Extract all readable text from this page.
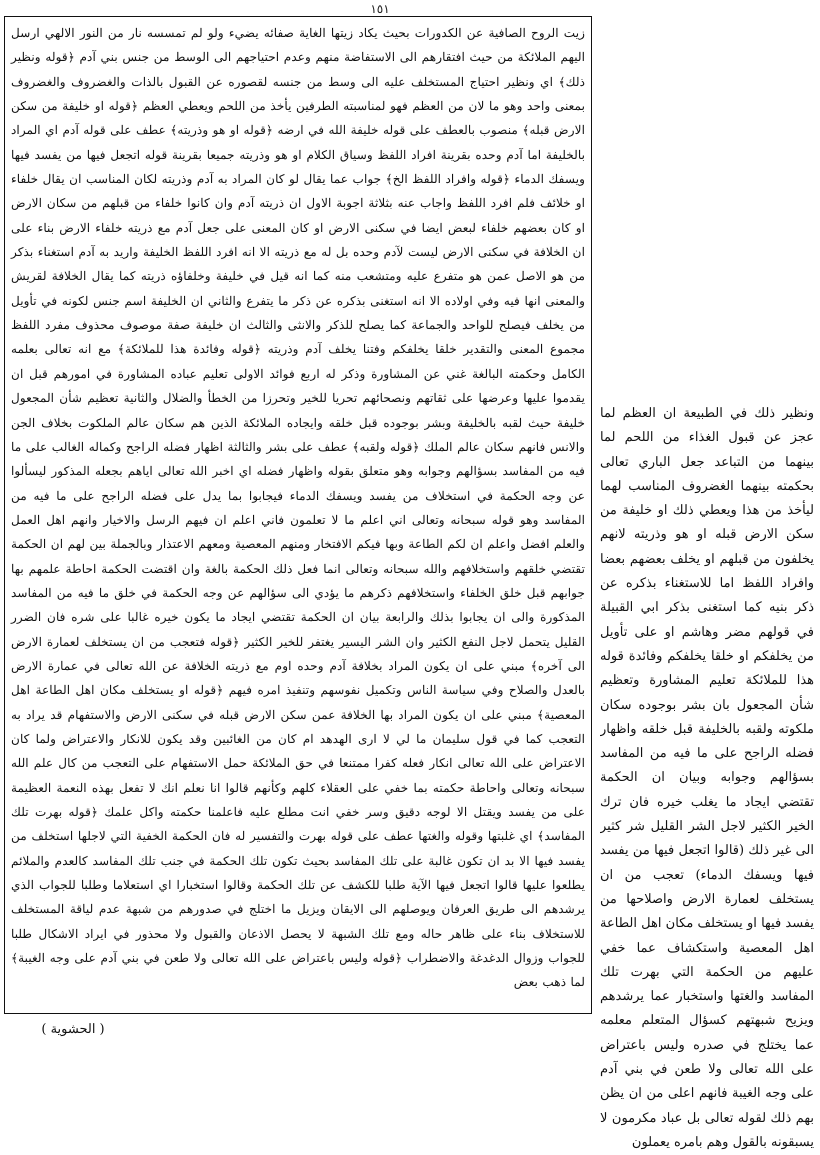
١٥١

زيت الروح الصافية عن الكدورات بحيث يكاد زيتها الغاية صفائه يضيء ولو لم تمسسه نار من النور الالهي ارسل اليهم الملائكة من حيث افتقارهم الى الاستفاضة منهم وعدم احتياجهم الى الوسط من جنس بني آدم ﴿قوله ونظير ذلك﴾ اي ونظير احتياج المستخلف عليه الى وسط من جنسه لقصوره عن القبول بالذات والغضروف والغضروف بمعنى واحد وهو ما لان من العظم فهو لمناسبته الطرفين يأخذ من اللحم ويعطي العظم ﴿قوله او خليفة من سكن الارض قبله﴾ منصوب بالعطف على قوله خليفة الله في ارضه ﴿قوله او هو وذريته﴾ عطف على قوله آدم اي المراد بالخليفة اما آدم وحده بقرينة افراد اللفظ وسياق الكلام او هو وذريته جميعا بقرينة قوله اتجعل فيها من يفسد فيها ويسفك الدماء ﴿قوله وافراد اللفظ الخ﴾ جواب عما يقال لو كان المراد به آدم وذريته لكان المناسب ان يقال خلفاء او خلائف فلم افرد اللفظ واجاب عنه بثلاثة اجوبة الاول ان ذريته آدم وان كانوا خلفاء من قبلهم من سكان الارض او كان بعضهم خلفاء لبعض ايضا في سكنى الارض او كان المعنى على جعل آدم مع ذريته خلفاء الارض بناء على ان الخلافة في سكنى الارض ليست لآدم وحده بل له مع ذريته الا انه افرد اللفظ الخليفة واريد به آدم استغناء بذكر من هو الاصل عمن هو متفرع عليه ومتشعب منه كما انه قيل في خليفة وخلفاؤه ذريته كما يقال الخلافة لقريش والمعنى انها فيه وفي اولاده الا انه استغنى بذكره عن ذكر ما يتفرع والثاني ان الخليفة اسم جنس لكونه في تأويل من يخلف فيصلح للواحد والجماعة كما يصلح للذكر والانثى والثالث ان خليفة صفة موصوف محذوف مفرد اللفظ مجموع المعنى والتقدير خلقا يخلفكم وفتنا يخلف آدم وذريته ﴿قوله وفائدة هذا للملائكة﴾ مع انه تعالى بعلمه الكامل وحكمته البالغة غني عن المشاورة وذكر له اربع فوائد الاولى تعليم عباده المشاورة في امورهم قبل ان يقدموا عليها وعرضها على ثقاتهم ونصحائهم تحريا للخير وتحرزا من الخطأ والضلال والثانية تعظيم شأن المجعول خليفة حيث لقبه بالخليفة وبشر بوجوده قبل خلقه وايجاده الملائكة الذين هم سكان عالم الملكوت بخلاف الجن والانس فانهم سكان عالم الملك ﴿قوله ولقبه﴾ عطف على بشر والثالثة اظهار فضله الراجح وكماله الغالب على ما فيه من المفاسد بسؤالهم وجوابه وهو متعلق بقوله واظهار فضله اي اخبر الله تعالى اياهم بجعله المذكور ليسألوا عن وجه الحكمة في استخلاف من يفسد ويسفك الدماء فيجابوا بما يدل على فضله الراجح على ما فيه من المفاسد وهو قوله سبحانه وتعالى اني اعلم ما لا تعلمون فاني اعلم ان فيهم الرسل والاخيار وانهم اهل العمل والعلم افضل واعلم ان لكم الطاعة وبها فيكم الافتخار ومنهم المعصية ومعهم الاعتذار وبالجملة بين لهم ان الحكمة تقتضي خلقهم واستخلافهم والله سبحانه وتعالى انما فعل ذلك الحكمة بالغة وان اقتضت الحكمة احاطة علمهم بها جوابهم قبل خلق الخلفاء واستخلافهم ذكرهم ما يؤدي الى سؤالهم عن وجه الحكمة في خلق ما فيه من المفاسد المذكورة والى ان يجابوا بذلك والرابعة بيان ان الحكمة تقتضي ايجاد ما يكون خيره غالبا على شره فان الضرر القليل يتحمل لاجل النفع الكثير وان الشر اليسير يغتفر للخير الكثير ﴿قوله فتعجب من ان يستخلف لعمارة الارض الى آخره﴾ مبني على ان يكون المراد بخلافة آدم وحده اوم مع ذريته الخلافة عن الله تعالى في عمارة الارض بالعدل والصلاح وفي سياسة الناس وتكميل نفوسهم وتنفيذ امره فيهم ﴿قوله او يستخلف مكان اهل الطاعة اهل المعصية﴾ مبني على ان يكون المراد بها الخلافة عمن سكن الارض قبله في سكنى الارض والاستفهام قد يراد به التعجب كما في قول سليمان ما لي لا ارى الهدهد ام كان من الغائبين وقد يكون للانكار والاعتراض ولما كان الاعتراض على الله تعالى انكار فعله كفرا ممتنعا في حق الملائكة حمل الاستفهام على التعجب من كال علم الله سبحانه وتعالى واحاطة حكمته بما خفي على العقلاء كلهم وكأنهم قالوا انا نعلم انك لا تفعل بهذه النعمة العظيمة على من يفسد ويقتل الا لوجه دقيق وسر خفي انت مطلع عليه فاعلمنا حكمته واكل علمك ﴿قوله بهرت تلك المفاسد﴾ اي غلبتها وقوله والغتها عطف على قوله بهرت والتفسير له فان الحكمة الخفية التي لاجلها استخلف من يفسد فيها الا بد ان تكون غالبة على تلك المفاسد بحيث تكون تلك الحكمة في جنب تلك المفاسد كالعدم والملائم يطلعوا عليها قالوا اتجعل فيها الآية طلبا للكشف عن تلك الحكمة وقالوا استخبارا اي استعلاما وطلبا للجواب الذي يرشدهم الى طريق العرفان ويوصلهم الى الايقان ويزيل ما اختلج في صدورهم من شبهة عدم لياقة المستخلف للاستخلاف بناء على ظاهر حاله ومع تلك الشبهة لا يحصل الاذعان والقبول ولا محذور في ايراد الاشكال طلبا للجواب وزوال الدغدغة والاضطراب ﴿قوله وليس باعتراض على الله تعالى ولا طعن في بني آدم على وجه الغيبة﴾ لما ذهب بعض

ونظير ذلك في الطبيعة ان العظم لما عجز عن قبول الغذاء من اللحم لما بينهما من التباعد جعل الباري تعالى بحكمته بينهما الغضروف المناسب لهما ليأخذ من هذا ويعطي ذلك او خليفة من سكن الارض قبله او هو وذريته لانهم يخلفون من قبلهم او يخلف بعضهم بعضا وافراد اللفظ اما للاستغناء بذكره عن ذكر بنيه كما استغنى بذكر ابي القبيلة في قولهم مضر وهاشم او على تأويل من يخلفكم او خلقا يخلفكم وفائدة قوله هذا للملائكة تعليم المشاورة وتعظيم شأن المجعول بان بشر بوجوده سكان ملكوته ولقبه بالخليفة قبل خلقه واظهار فضله الراجح على ما فيه من المفاسد بسؤالهم وجوابه وبيان ان الحكمة تقتضي ايجاد ما يغلب خيره فان ترك الخير الكثير لاجل الشر القليل شر كثير الى غير ذلك (قالوا اتجعل فيها من يفسد فيها ويسفك الدماء) تعجب من ان يستخلف لعمارة الارض واصلاحها من يفسد فيها او يستخلف مكان اهل الطاعة اهل المعصية واستكشاف عما خفي عليهم من الحكمة التي بهرت تلك المفاسد والغتها واستخبار عما يرشدهم ويزيح شبهتهم كسؤال المتعلم معلمه عما يختلج في صدره وليس باعتراض على الله تعالى ولا طعن في بني آدم على وجه الغيبة فانهم اعلى من ان يظن بهم ذلك لقوله تعالى بل عباد مكرمون لا يسبقونه بالقول وهم بامره يعملون

( الحشوية )
